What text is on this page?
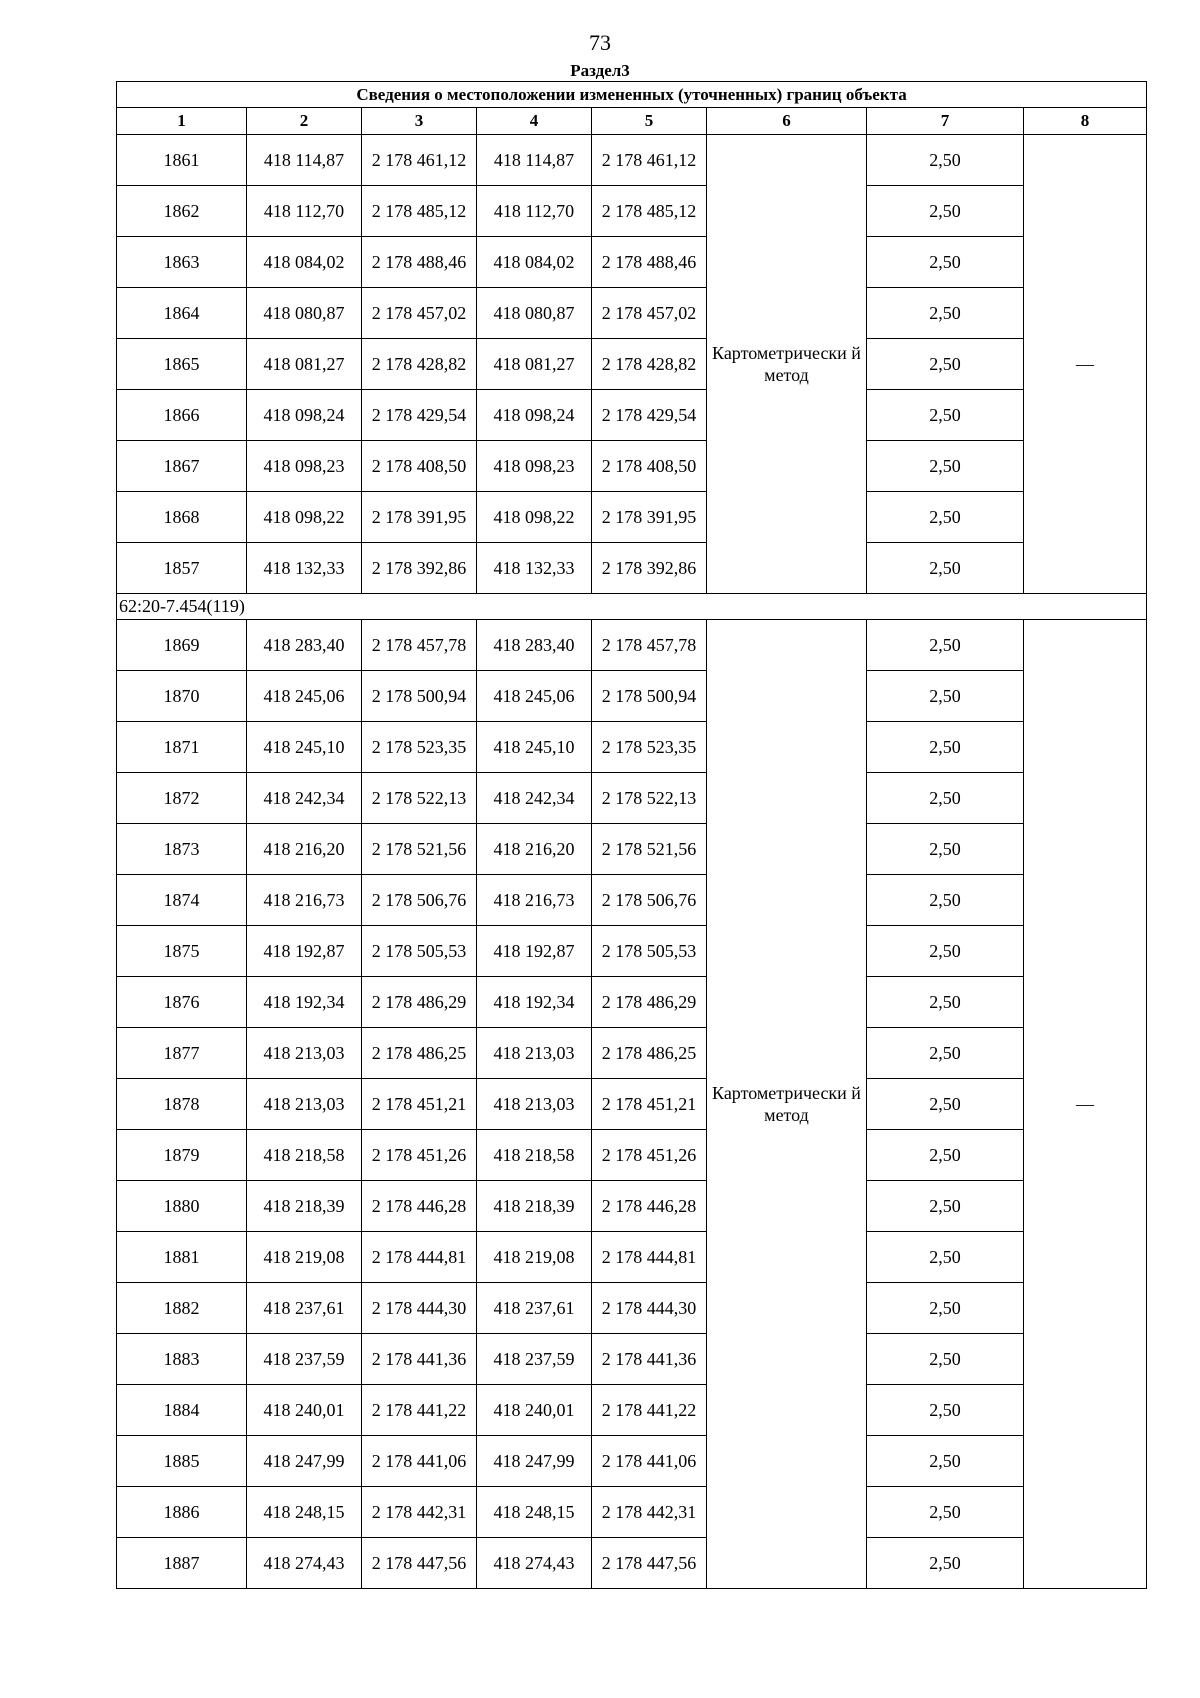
73
Раздел3
Сведения о местоположении измененных (уточненных) границ объекта							
1	2	3	4	5	6	7	8
1861	418 114,87	2 178 461,12	418 114,87	2 178 461,12	Картометрически й метод	2,50	—
1862	418 112,70	2 178 485,12	418 112,70	2 178 485,12		2,50	
1863	418 084,02	2 178 488,46	418 084,02	2 178 488,46		2,50	
1864	418 080,87	2 178 457,02	418 080,87	2 178 457,02		2,50	
1865	418 081,27	2 178 428,82	418 081,27	2 178 428,82		2,50	
1866	418 098,24	2 178 429,54	418 098,24	2 178 429,54		2,50	
1867	418 098,23	2 178 408,50	418 098,23	2 178 408,50		2,50	
1868	418 098,22	2 178 391,95	418 098,22	2 178 391,95		2,50	
1857	418 132,33	2 178 392,86	418 132,33	2 178 392,86		2,50	
62:20-7.454(119)							
1869	418 283,40	2 178 457,78	418 283,40	2 178 457,78	Картометрически й метод	2,50	—
1870	418 245,06	2 178 500,94	418 245,06	2 178 500,94		2,50	
1871	418 245,10	2 178 523,35	418 245,10	2 178 523,35		2,50	
1872	418 242,34	2 178 522,13	418 242,34	2 178 522,13		2,50	
1873	418 216,20	2 178 521,56	418 216,20	2 178 521,56		2,50	
1874	418 216,73	2 178 506,76	418 216,73	2 178 506,76		2,50	
1875	418 192,87	2 178 505,53	418 192,87	2 178 505,53		2,50	
1876	418 192,34	2 178 486,29	418 192,34	2 178 486,29		2,50	
1877	418 213,03	2 178 486,25	418 213,03	2 178 486,25		2,50	
1878	418 213,03	2 178 451,21	418 213,03	2 178 451,21		2,50	
1879	418 218,58	2 178 451,26	418 218,58	2 178 451,26		2,50	
1880	418 218,39	2 178 446,28	418 218,39	2 178 446,28		2,50	
1881	418 219,08	2 178 444,81	418 219,08	2 178 444,81		2,50	
1882	418 237,61	2 178 444,30	418 237,61	2 178 444,30		2,50	
1883	418 237,59	2 178 441,36	418 237,59	2 178 441,36		2,50	
1884	418 240,01	2 178 441,22	418 240,01	2 178 441,22		2,50	
1885	418 247,99	2 178 441,06	418 247,99	2 178 441,06		2,50	
1886	418 248,15	2 178 442,31	418 248,15	2 178 442,31		2,50	
1887	418 274,43	2 178 447,56	418 274,43	2 178 447,56		2,50	
